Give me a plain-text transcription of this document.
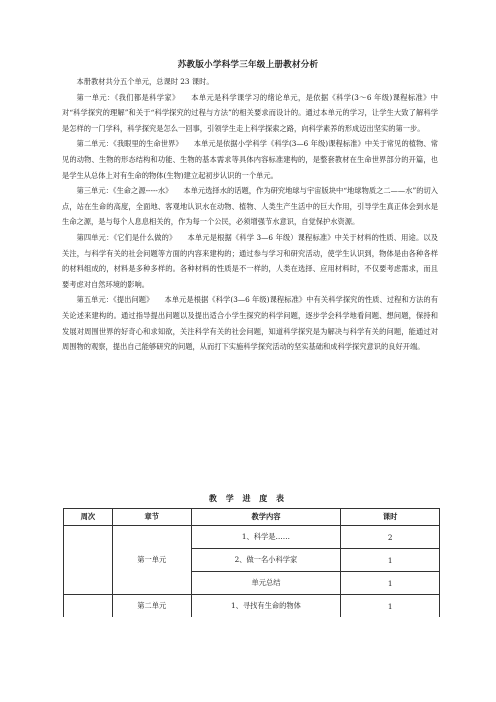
苏教版小学科学三年级上册教材分析

本册教材共分五个单元，总课时 23 课时。

第一单元：《我们都是科学家》　　本单元是科学课学习的绪论单元，是依据《科学(3～6 年级)课程标准》中对“科学探究的理解”和关于“科学探究的过程与方法”的相关要求而设计的。通过本单元的学习，让学生大致了解科学是怎样的一门学科，科学探究是怎么一回事，引领学生走上科学探索之路，向科学素养的形成迈出坚实的第一步。

第二单元：《我眼里的生命世界》　　本单元是依据小学科学《科学(3—6 年级)课程标准》中关于常见的植物、常见的动物、生物的形态结构和功能、生物的基本需求等具体内容标准建构的，是整套教材在生命世界部分的开篇，也是学生从总体上对有生命的物体(生物)建立起初步认识的一个单元。

第三单元：《生命之源-----水》　　本单元选择水的话题，作为研究地球与宇宙版块中“地球物质之二——水”的切入点，站在生命的高度，全面地、客观地认识水在动物、植物、人类生产生活中的巨大作用，引导学生真正体会到水是生命之源，是与每个人息息相关的，作为每一个公民，必须增强节水意识，自觉保护水资源。

第四单元：《它们是什么做的》　　本单元是根据《科学 3—6 年级）课程标准》中关于材料的性质、用途。以及关注，与科学有关的社会问题等方面的内容来建构的；通过参与学习和研究活动，使学生认识到，物体是由各种各样的材料组成的，材料是多种多样的。各种材料的性质是不一样的，人类在选择、应用材料时，不仅要考虑需求，而且要考虑对自然环境的影响。

第五单元：《提出问题》　　本单元是根据《科学(3—6 年级)课程标准》中有关科学探究的性质、过程和方法的有关论述来建构的。通过指导提出问题以及提出适合小学生探究的科学问题，逐步学会科学地看问题、想问题，保持和发展对周围世界的好奇心和求知欲，关注科学有关的社会问题，知道科学探究是为解决与科学有关的问题，能通过对周围物的观察，提出自己能够研究的问题，从而打下实施科学探究活动的坚实基础和成科学探究意识的良好开端。

教 学 进 度 表
周次	章节	教学内容	课时
	第一单元	1、科学是……	2
		2、做一名小科学家	1
		单元总结	1
	第二单元	1、寻找有生命的物体	1
